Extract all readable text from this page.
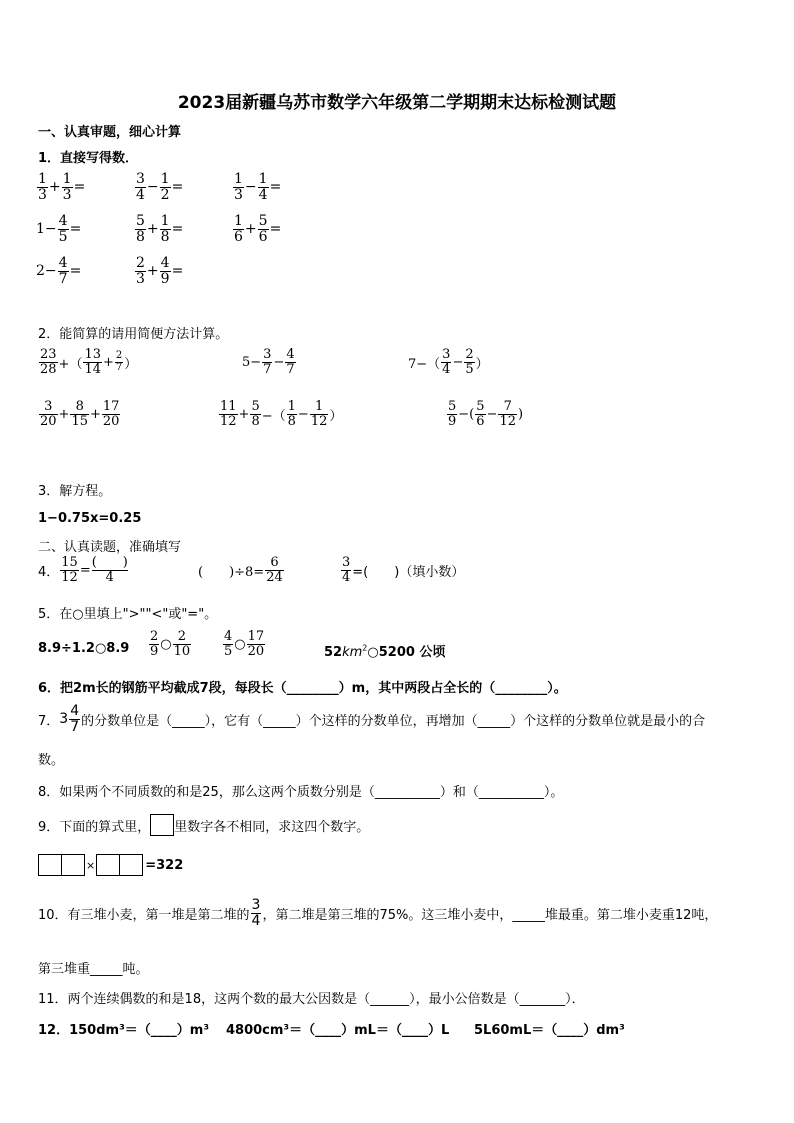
2023届新疆乌苏市数学六年级第二学期期末达标检测试题
一、认真审题，细心计算
1．直接写得数．
$\frac{1}{3} + \frac{1}{3}$ =	$\frac{3}{4} - \frac{1}{2}$ =	$\frac{1}{3} - \frac{1}{4}$ =
$1- \frac{4}{5}$ =	$\frac{5}{8} + \frac{1}{8}$ =	$\frac{1}{6} + \frac{5}{6}$ =
$2- \frac{4}{7}$ =	$\frac{2}{3} + \frac{4}{9}$ =
2．能简算的请用简便方法计算。
$\frac{23}{28}$ +（ $\frac{13}{14} + \frac{2}{7}$ ）	$5- \frac{3}{7} - \frac{4}{7}$	$7-( \frac{3}{4} - \frac{2}{5}$ ）
$\frac{3}{20} + \frac{8}{15} + \frac{17}{20}$	$\frac{11}{12} + \frac{5}{8}$ −（ $\frac{1}{8} - \frac{1}{12}$ ）	$\frac{5}{9}$ −( $\frac{5}{6} - \frac{7}{12}$ )
3．解方程。
1−0.75x=0.25
二、认真读题，准确填写
4． $\frac{15}{12} = \frac{( )}{4}$	(　　)$\div 8= \frac{6}{24}$	$\frac{3}{4}$ =(　　)（填小数）
5．在○里填上">""<"或"="。
8.9÷1.2○8.9 $\frac{2}{9}$ ○ $\frac{2}{10} \frac{4}{5}$ ○ $\frac{17}{20}$	$52km^2○5200$ 公顷
6．把2m长的钢筋平均截成7段，每段长（________）m，其中两段占全长的（________）。
7． $3 \frac{4}{7}$ 的分数单位是（_____），它有（_____）个这样的分数单位，再增加（_____）个这样的分数单位就是最小的合
数。
8．如果两个不同质数的和是25，那么这两个质数分别是（__________）和（__________）。
9．下面的算式里， 里数字各不相同，求这四个数字。
×	=322
10．有三堆小麦，第一堆是第二堆的 $\frac{3}{4}$ ，第二堆是第三堆的75%。这三堆小麦中，_____堆最重。第二堆小麦重12吨，
第三堆重_____吨。
11．两个连续偶数的和是18，这两个数的最大公因数是（______），最小公倍数是（_______）．
12．150dm³＝（____）m³ 4800cm³＝（____）mL＝（____）L 5L60mL＝（____）dm³
